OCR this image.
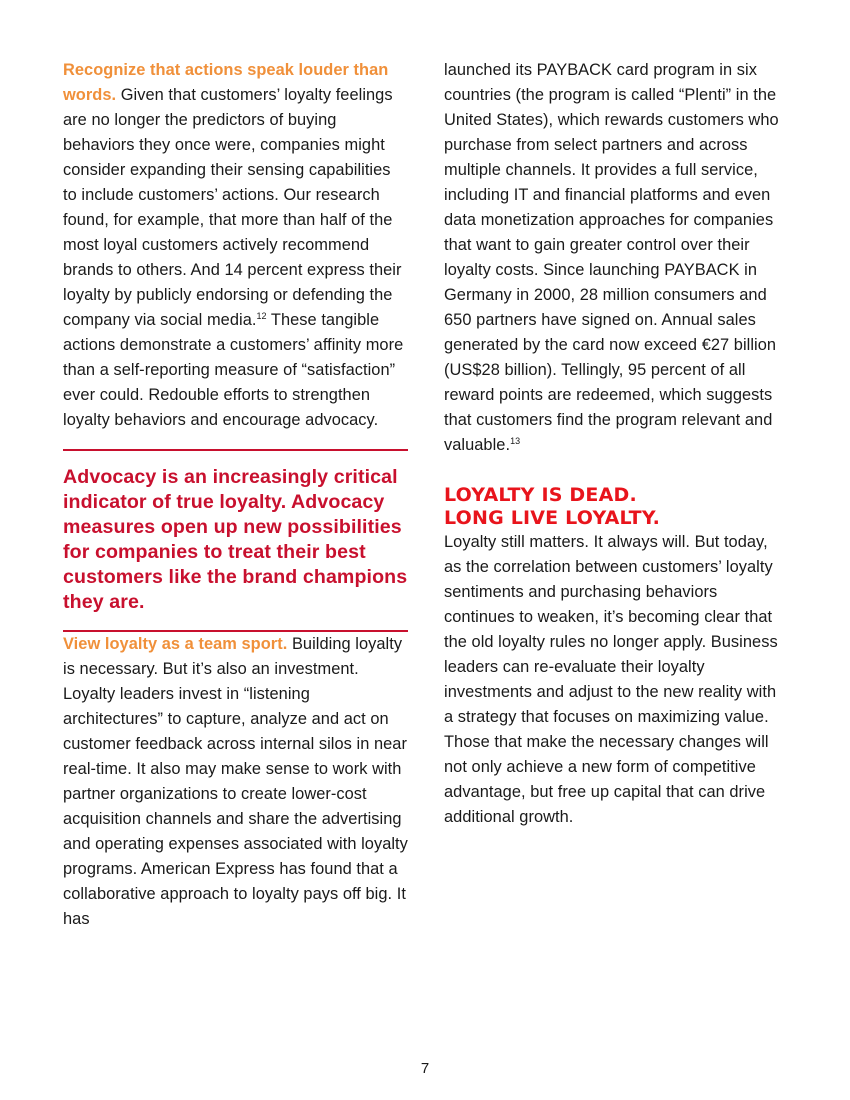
Recognize that actions speak louder than words. Given that customers’ loyalty feelings are no longer the predictors of buying behaviors they once were, companies might consider expanding their sensing capabilities to include customers’ actions. Our research found, for example, that more than half of the most loyal customers actively recommend brands to others. And 14 percent express their loyalty by publicly endorsing or defending the company via social media.$^{12}$ These tangible actions demonstrate a customers’ affinity more than a self-reporting measure of “satisfaction” ever could. Redouble efforts to strengthen loyalty behaviors and encourage advocacy.

Advocacy is an increasingly critical indicator of true loyalty. Advocacy measures open up new possibilities for companies to treat their best customers like the brand champions they are.

View loyalty as a team sport. Building loyalty is necessary. But it’s also an investment. Loyalty leaders invest in “listening architectures” to capture, analyze and act on customer feedback across internal silos in near real-time. It also may make sense to work with partner organizations to create lower-cost acquisition channels and share the advertising and operating expenses associated with loyalty programs. American Express has found that a collaborative approach to loyalty pays off big. It has

launched its PAYBACK card program in six countries (the program is called “Plenti” in the United States), which rewards customers who purchase from select partners and across multiple channels. It provides a full service, including IT and financial platforms and even data monetization approaches for companies that want to gain greater control over their loyalty costs. Since launching PAYBACK in Germany in 2000, 28 million consumers and 650 partners have signed on. Annual sales generated by the card now exceed €27 billion (US$28 billion). Tellingly, 95 percent of all reward points are redeemed, which suggests that customers find the program relevant and valuable.$^{13}$

LOYALTY IS DEAD.
LONG LIVE LOYALTY.

Loyalty still matters. It always will. But today, as the correlation between customers’ loyalty sentiments and purchasing behaviors continues to weaken, it’s becoming clear that the old loyalty rules no longer apply. Business leaders can re-evaluate their loyalty investments and adjust to the new reality with a strategy that focuses on maximizing value. Those that make the necessary changes will not only achieve a new form of competitive advantage, but free up capital that can drive additional growth.

7
